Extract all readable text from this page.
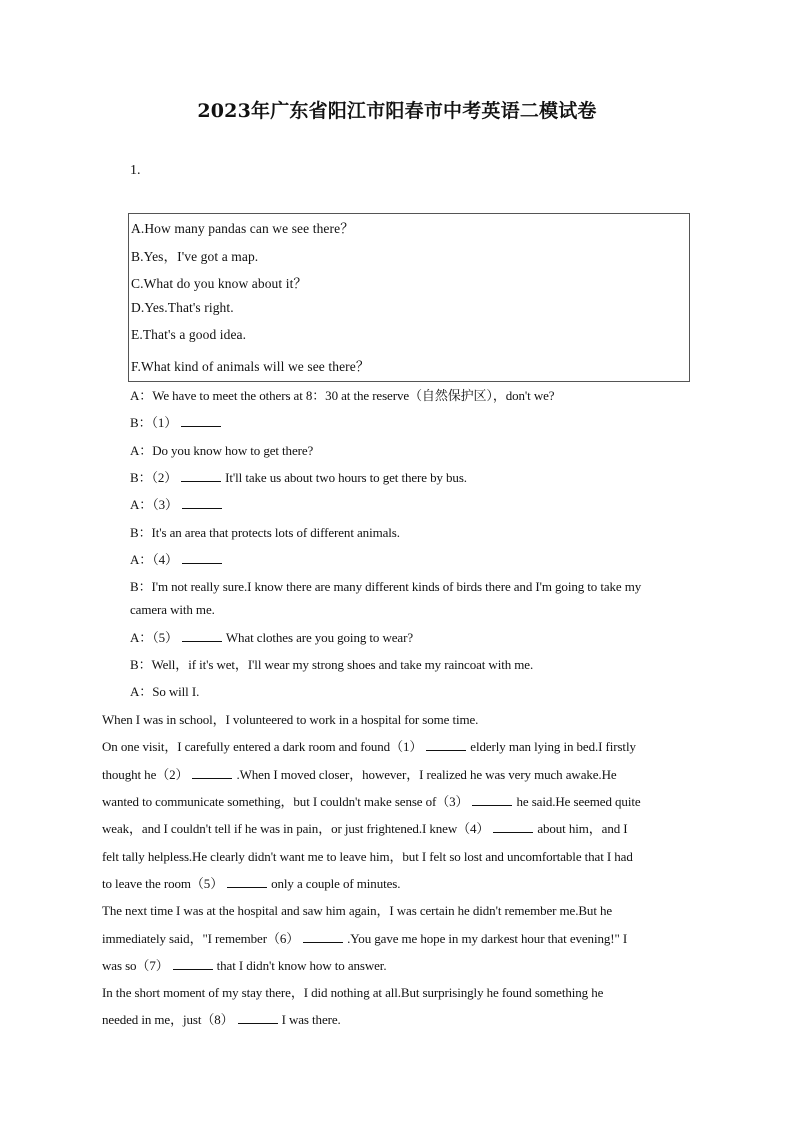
2023年广东省阳江市阳春市中考英语二模试卷
1.
A.How many pandas can we see there？
B.Yes，I've got a map.
C.What do you know about it？
D.Yes.That's right.
E.That's a good idea.
F.What kind of animals will we see there？
A：We have to meet the others at 8：30 at the reserve（自然保护区），don't we?
B：（1）
A：Do you know how to get there?
B：（2）	It'll take us about two hours to get there by bus.
A：（3）
B：It's an area that protects lots of different animals.
A：（4）
B：I'm not really sure.I know there are many different kinds of birds there and I'm going to take my
camera with me.
A：（5）	What clothes are you going to wear?
B：Well，if it's wet，I'll wear my strong shoes and take my raincoat with me.
A：So will I.
When I was in school，I volunteered to work in a hospital for some time.
On one visit，I carefully entered a dark room and found（1）	elderly man lying in bed.I firstly
thought he（2）	.When I moved closer，however，I realized he was very much awake.He
wanted to communicate something，but I couldn't make sense of（3）	he said.He seemed quite
weak，and I couldn't tell if he was in pain，or just frightened.I knew（4）	about him，and I
felt tally helpless.He clearly didn't want me to leave him，but I felt so lost and uncomfortable that I had
to leave the room（5）	only a couple of minutes.
The next time I was at the hospital and saw him again，I was certain he didn't remember me.But he
immediately said，"I remember（6）	.You gave me hope in my darkest hour that evening!" I
was so（7）	that I didn't know how to answer.
In the short moment of my stay there，I did nothing at all.But surprisingly he found something he
needed in me，just（8）	I was there.
